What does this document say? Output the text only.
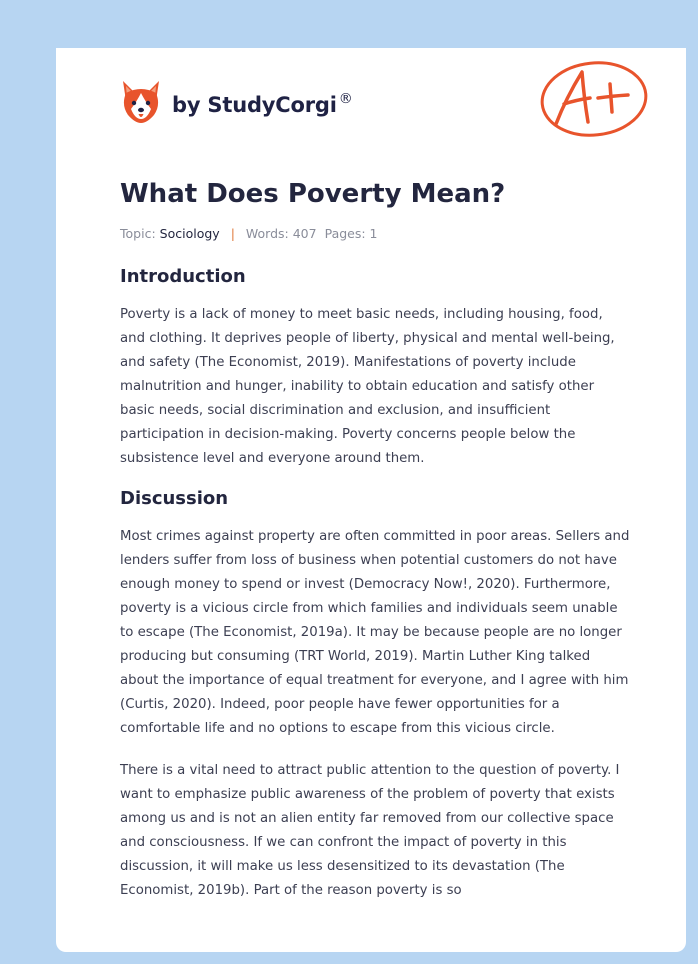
by StudyCorgi ®
What Does Poverty Mean?
Topic: Sociology | Words: 407 Pages: 1
Introduction

Poverty is a lack of money to meet basic needs, including housing, food, and clothing. It deprives people of liberty, physical and mental well-being, and safety (The Economist, 2019). Manifestations of poverty include malnutrition and hunger, inability to obtain education and satisfy other basic needs, social discrimination and exclusion, and insufficient participation in decision-making. Poverty concerns people below the subsistence level and everyone around them.

Discussion

Most crimes against property are often committed in poor areas. Sellers and lenders suffer from loss of business when potential customers do not have enough money to spend or invest (Democracy Now!, 2020). Furthermore, poverty is a vicious circle from which families and individuals seem unable to escape (The Economist, 2019a). It may be because people are no longer producing but consuming (TRT World, 2019). Martin Luther King talked about the importance of equal treatment for everyone, and I agree with him (Curtis, 2020). Indeed, poor people have fewer opportunities for a comfortable life and no options to escape from this vicious circle.

There is a vital need to attract public attention to the question of poverty. I want to emphasize public awareness of the problem of poverty that exists among us and is not an alien entity far removed from our collective space and consciousness. If we can confront the impact of poverty in this discussion, it will make us less desensitized to its devastation (The Economist, 2019b). Part of the reason poverty is so
